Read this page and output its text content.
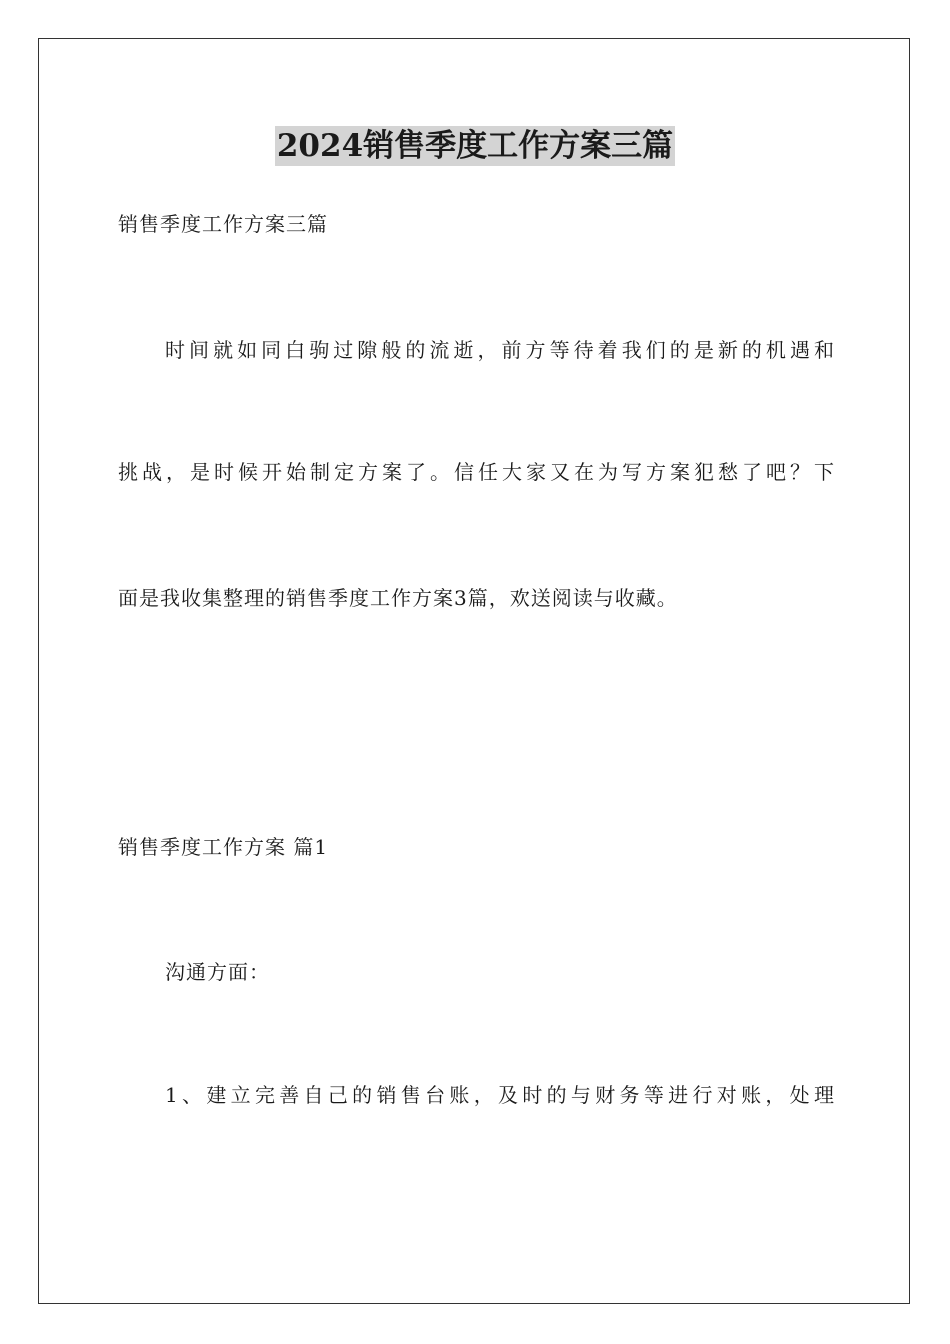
2024销售季度工作方案三篇
销售季度工作方案三篇
时间就如同白驹过隙般的流逝，前方等待着我们的是新的机遇和
挑战，是时候开始制定方案了。信任大家又在为写方案犯愁了吧？下
面是我收集整理的销售季度工作方案3篇，欢送阅读与收藏。
销售季度工作方案 篇1
沟通方面：
1、建立完善自己的销售台账，及时的与财务等进行对账，处理
